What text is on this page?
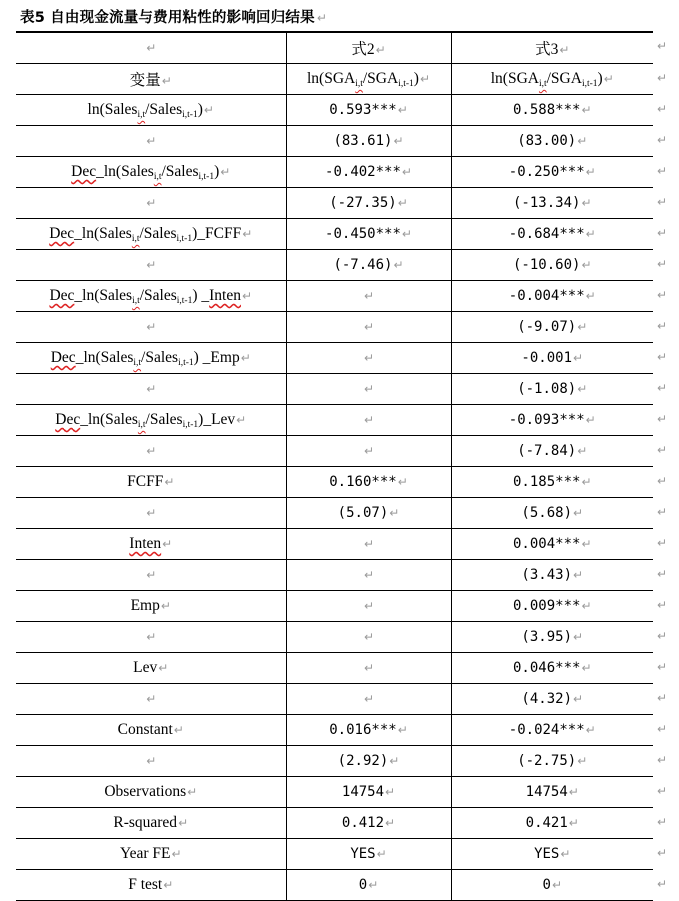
表5 自由现金流量与费用粘性的影响回归结果 ↵
↵	式2↵	式3↵
变量↵	$\ln(SGA_{i,t}/SGA_{i,t-1})↵$	$\ln(SGA_{i,t}/SGA_{i,t-1})↵$
ln(Sales$_{i,t}$/Sales$_{i,t-1}$)↵	0.593***↵	0.588***↵
↵	(83.61)↵	(83.00)↵
Dec_ln(Sales$_{i,t}$/Sales$_{i,t-1}$)↵	-0.402***↵	-0.250***↵
↵	(-27.35)↵	(-13.34)↵
Dec_ln(Sales$_{i,t}$/Sales$_{i,t-1}$)_FCFF↵	-0.450***↵	-0.684***↵
↵	(-7.46)↵	(-10.60)↵
Dec_ln(Sales$_{i,t}$/Sales$_{i,t-1}$) _Inten↵	↵	-0.004***↵
↵	↵	(-9.07)↵
Dec_ln(Sales$_{i,t}$/Sales$_{i,t-1}$) _Emp↵	↵	-0.001↵
↵	↵	(-1.08)↵
Dec_ln(Sales$_{i,t}$/Sales$_{i,t-1}$)_Lev↵	↵	-0.093***↵
↵	↵	(-7.84)↵
FCFF↵	0.160***↵	0.185***↵
↵	(5.07)↵	(5.68)↵
Inten↵	↵	0.004***↵
↵	↵	(3.43)↵
Emp↵	↵	0.009***↵
↵	↵	(3.95)↵
Lev↵	↵	0.046***↵
↵	↵	(4.32)↵
Constant↵	0.016***↵	-0.024***↵
↵	(2.92)↵	(-2.75)↵
Observations↵	14754↵	14754↵
R-squared↵	0.412↵	0.421↵
Year FE↵	YES↵	YES↵
F test↵	0↵	0↵
↵
↵
↵
↵
↵
↵
↵
↵
↵
↵
↵
↵
↵
↵
↵
↵
↵
↵
↵
↵
↵
↵
↵
↵
↵
↵
↵
↵
